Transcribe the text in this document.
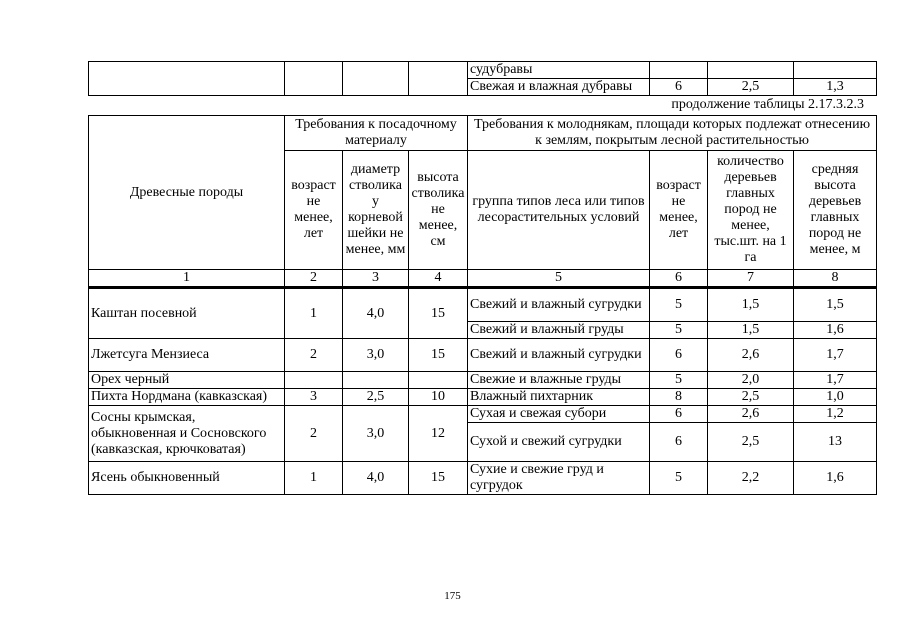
				судубравы			
				Свежая и влажная дубравы	6	2,5	1,3
продолжение таблицы 2.17.3.2.3
Древесные породы	Требования к посадочному материалу			Требования к молоднякам, площади которых подлежат отнесению к землям, покрытым лесной растительностью			
	возраст не менее, лет	диаметр стволика у корневой шейки не менее, мм	высота стволика не менее, см	группа типов леса или типов лесорастительных условий	возраст не менее, лет	количество деревьев главных пород не менее, тыс.шт. на 1 га	средняя высота деревьев главных пород не менее, м
1	2	3	4	5	6	7	8
Каштан посевной	1	4,0	15	Свежий и влажный сугрудки	5	1,5	1,5
				Свежий и влажный груды	5	1,5	1,6
Лжетсуга Мензиеса	2	3,0	15	Свежий и влажный сугрудки	6	2,6	1,7
Орех черный				Свежие и влажные груды	5	2,0	1,7
Пихта Нордмана (кавказская)	3	2,5	10	Влажный пихтарник	8	2,5	1,0
Сосны крымская, обыкновенная и Сосновского (кавказская, крючковатая)	2	3,0	12	Сухая и свежая субори	6	2,6	1,2
				Сухой и свежий сугрудки	6	2,5	13
Ясень обыкновенный	1	4,0	15	Сухие и свежие груд и сугрудок	5	2,2	1,6
175
